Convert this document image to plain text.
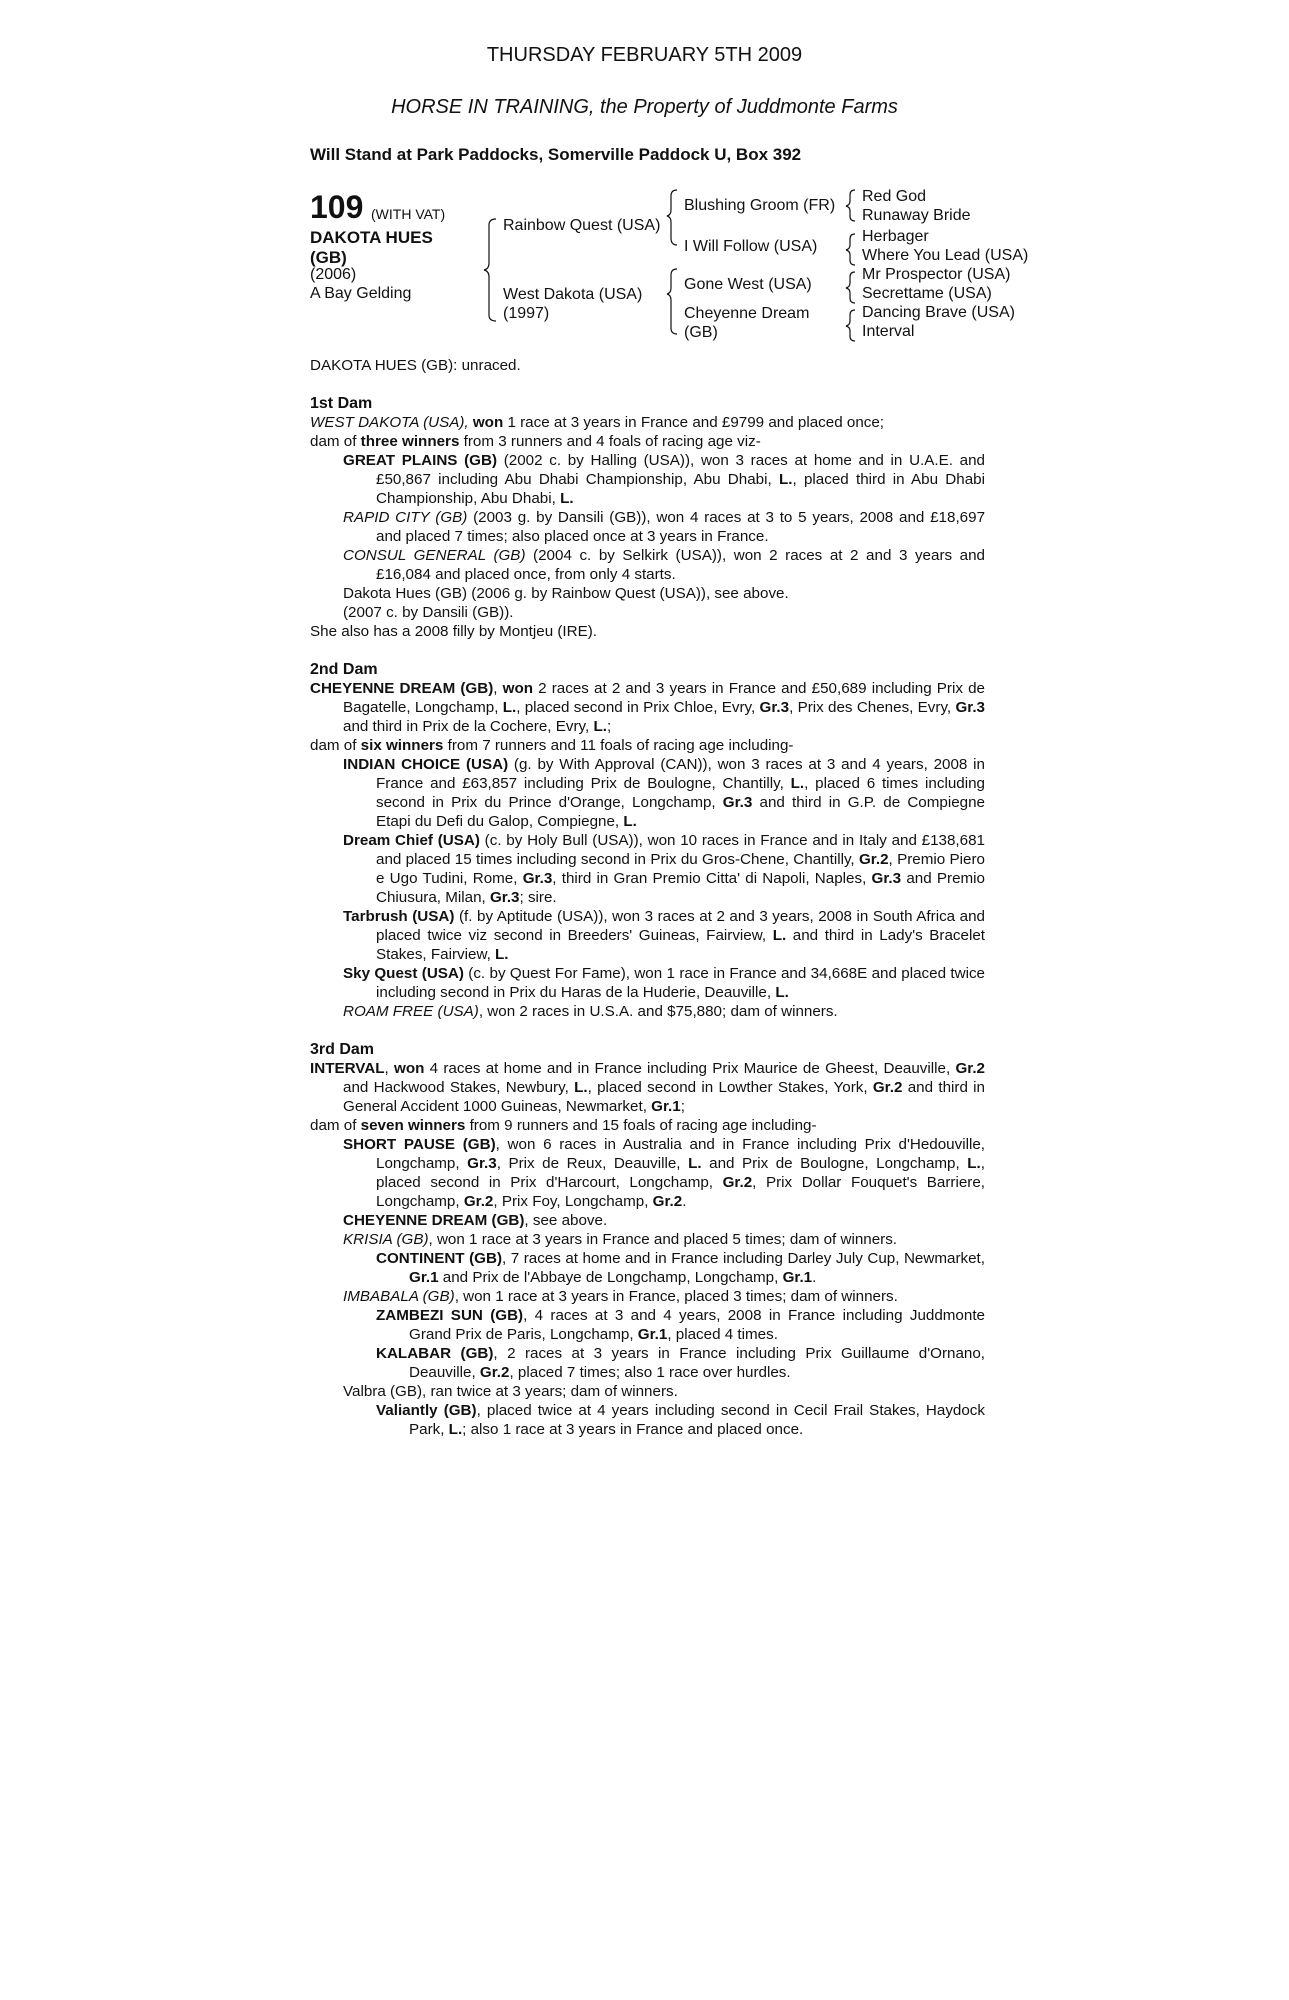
THURSDAY FEBRUARY 5TH 2009
HORSE IN TRAINING, the Property of Juddmonte Farms
Will Stand at Park Paddocks, Somerville Paddock U, Box 392
109 (WITH VAT)
DAKOTA HUES (GB)
(2006)
A Bay Gelding
Rainbow Quest (USA)
West Dakota (USA)
(1997)
Blushing Groom (FR)
I Will Follow (USA)
Gone West (USA)
Cheyenne Dream
(GB)
Red God
Runaway Bride
Herbager
Where You Lead (USA)
Mr Prospector (USA)
Secrettame (USA)
Dancing Brave (USA)
Interval

DAKOTA HUES (GB): unraced.

1st Dam

WEST DAKOTA (USA), won 1 race at 3 years in France and £9799 and placed once;

dam of three winners from 3 runners and 4 foals of racing age viz-

GREAT PLAINS (GB) (2002 c. by Halling (USA)), won 3 races at home and in U.A.E. and £50,867 including Abu Dhabi Championship, Abu Dhabi, L., placed third in Abu Dhabi Championship, Abu Dhabi, L.

RAPID CITY (GB) (2003 g. by Dansili (GB)), won 4 races at 3 to 5 years, 2008 and £18,697 and placed 7 times; also placed once at 3 years in France.

CONSUL GENERAL (GB) (2004 c. by Selkirk (USA)), won 2 races at 2 and 3 years and £16,084 and placed once, from only 4 starts.

Dakota Hues (GB) (2006 g. by Rainbow Quest (USA)), see above.

(2007 c. by Dansili (GB)).

She also has a 2008 filly by Montjeu (IRE).

2nd Dam

CHEYENNE DREAM (GB), won 2 races at 2 and 3 years in France and £50,689 including Prix de Bagatelle, Longchamp, L., placed second in Prix Chloe, Evry, Gr.3, Prix des Chenes, Evry, Gr.3 and third in Prix de la Cochere, Evry, L.;

dam of six winners from 7 runners and 11 foals of racing age including-

INDIAN CHOICE (USA) (g. by With Approval (CAN)), won 3 races at 3 and 4 years, 2008 in France and £63,857 including Prix de Boulogne, Chantilly, L., placed 6 times including second in Prix du Prince d'Orange, Longchamp, Gr.3 and third in G.P. de Compiegne Etapi du Defi du Galop, Compiegne, L.

Dream Chief (USA) (c. by Holy Bull (USA)), won 10 races in France and in Italy and £138,681 and placed 15 times including second in Prix du Gros-Chene, Chantilly, Gr.2, Premio Piero e Ugo Tudini, Rome, Gr.3, third in Gran Premio Citta' di Napoli, Naples, Gr.3 and Premio Chiusura, Milan, Gr.3; sire.

Tarbrush (USA) (f. by Aptitude (USA)), won 3 races at 2 and 3 years, 2008 in South Africa and placed twice viz second in Breeders' Guineas, Fairview, L. and third in Lady's Bracelet Stakes, Fairview, L.

Sky Quest (USA) (c. by Quest For Fame), won 1 race in France and 34,668E and placed twice including second in Prix du Haras de la Huderie, Deauville, L.

ROAM FREE (USA), won 2 races in U.S.A. and $75,880; dam of winners.

3rd Dam

INTERVAL, won 4 races at home and in France including Prix Maurice de Gheest, Deauville, Gr.2 and Hackwood Stakes, Newbury, L., placed second in Lowther Stakes, York, Gr.2 and third in General Accident 1000 Guineas, Newmarket, Gr.1;

dam of seven winners from 9 runners and 15 foals of racing age including-

SHORT PAUSE (GB), won 6 races in Australia and in France including Prix d'Hedouville, Longchamp, Gr.3, Prix de Reux, Deauville, L. and Prix de Boulogne, Longchamp, L., placed second in Prix d'Harcourt, Longchamp, Gr.2, Prix Dollar Fouquet's Barriere, Longchamp, Gr.2, Prix Foy, Longchamp, Gr.2.

CHEYENNE DREAM (GB), see above.

KRISIA (GB), won 1 race at 3 years in France and placed 5 times; dam of winners.

CONTINENT (GB), 7 races at home and in France including Darley July Cup, Newmarket, Gr.1 and Prix de l'Abbaye de Longchamp, Longchamp, Gr.1.

IMBABALA (GB), won 1 race at 3 years in France, placed 3 times; dam of winners.

ZAMBEZI SUN (GB), 4 races at 3 and 4 years, 2008 in France including Juddmonte Grand Prix de Paris, Longchamp, Gr.1, placed 4 times.

KALABAR (GB), 2 races at 3 years in France including Prix Guillaume d'Ornano, Deauville, Gr.2, placed 7 times; also 1 race over hurdles.

Valbra (GB), ran twice at 3 years; dam of winners.

Valiantly (GB), placed twice at 4 years including second in Cecil Frail Stakes, Haydock Park, L.; also 1 race at 3 years in France and placed once.
